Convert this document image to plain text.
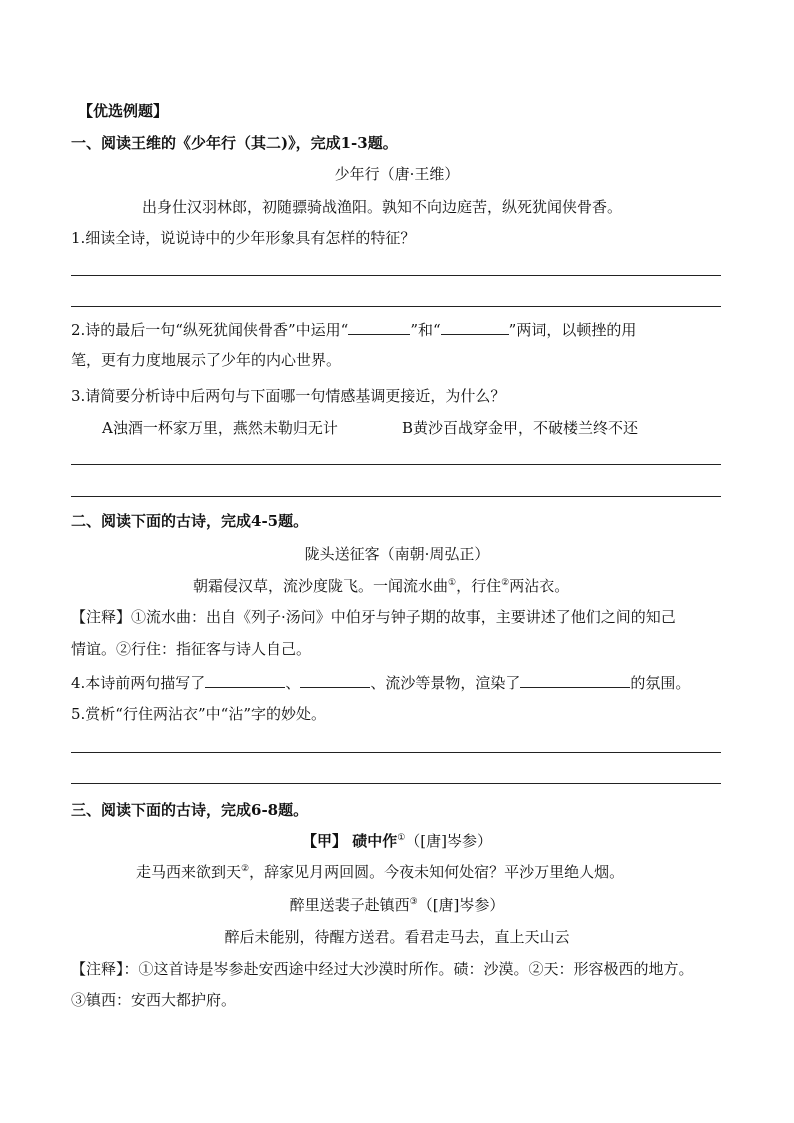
【优选例题】
一、阅读王维的《少年行（其二)》，完成1-3题。
少年行（唐·王维）
出身仕汉羽林郎，初随骠骑战渔阳。孰知不向边庭苦，纵死犹闻侠骨香。
1.细读全诗，说说诗中的少年形象具有怎样的特征？
2.诗的最后一句“纵死犹闻侠骨香”中运用“	”和“	”两词，以顿挫的用
笔，更有力度地展示了少年的内心世界。
3.请简要分析诗中后两句与下面哪一句情感基调更接近，为什么？
A浊酒一杯家万里，燕然未勒归无计	B黄沙百战穿金甲，不破楼兰终不还
二、阅读下面的古诗，完成4-5题。
陇头送征客（南朝·周弘正）
朝霜侵汉草，流沙度陇飞。一闻流水曲①，行住②两沾衣。
【注释】①流水曲：出自《列子·汤问》中伯牙与钟子期的故事，主要讲述了他们之间的知己
情谊。②行住：指征客与诗人自己。
4.本诗前两句描写了	、	、流沙等景物，渲染了	的氛围。
5.赏析“行住两沾衣”中“沾”字的妙处。
三、阅读下面的古诗，完成6-8题。
【甲】 碛中作①（[唐]岑参）
走马西来欲到天②，辞家见月两回圆。今夜未知何处宿？平沙万里绝人烟。
醉里送裴子赴镇西③（[唐]岑参）
醉后未能别，待醒方送君。看君走马去，直上天山云
【注释】：①这首诗是岑参赴安西途中经过大沙漠时所作。碛：沙漠。②天：形容极西的地方。
③镇西：安西大都护府。
